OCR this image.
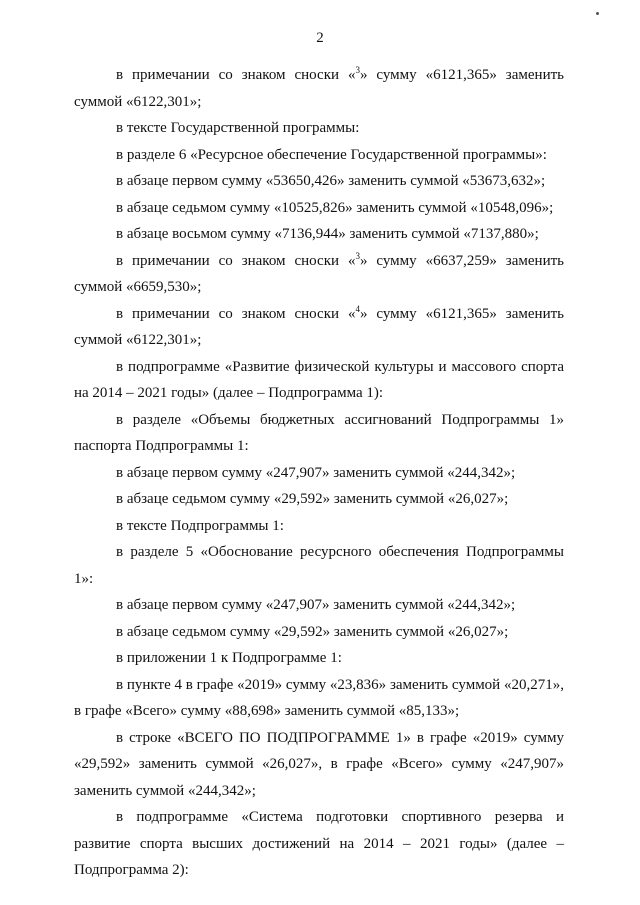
2

в примечании со знаком сноски «$^3$» сумму «6121,365» заменить суммой «6122,301»;

в тексте Государственной программы:

в разделе 6 «Ресурсное обеспечение Государственной программы»:

в абзаце первом сумму «53650,426» заменить суммой «53673,632»;

в абзаце седьмом сумму «10525,826» заменить суммой «10548,096»;

в абзаце восьмом сумму «7136,944» заменить суммой «7137,880»;

в примечании со знаком сноски «$^3$» сумму «6637,259» заменить суммой «6659,530»;

в примечании со знаком сноски «$^4$» сумму «6121,365» заменить суммой «6122,301»;

в подпрограмме «Развитие физической культуры и массового спорта на 2014 – 2021 годы» (далее – Подпрограмма 1):

в разделе «Объемы бюджетных ассигнований Подпрограммы 1» паспорта Подпрограммы 1:

в абзаце первом сумму «247,907» заменить суммой «244,342»;

в абзаце седьмом сумму «29,592» заменить суммой «26,027»;

в тексте Подпрограммы 1:

в разделе 5 «Обоснование ресурсного обеспечения Подпрограммы 1»:

в абзаце первом сумму «247,907» заменить суммой «244,342»;

в абзаце седьмом сумму «29,592» заменить суммой «26,027»;

в приложении 1 к Подпрограмме 1:

в пункте 4 в графе «2019» сумму «23,836» заменить суммой «20,271», в графе «Всего» сумму «88,698» заменить суммой «85,133»;

в строке «ВСЕГО ПО ПОДПРОГРАММЕ 1» в графе «2019» сумму «29,592» заменить суммой «26,027», в графе «Всего» сумму «247,907» заменить суммой «244,342»;

в подпрограмме «Система подготовки спортивного резерва и развитие спорта высших достижений на 2014 – 2021 годы» (далее – Подпрограмма 2):
